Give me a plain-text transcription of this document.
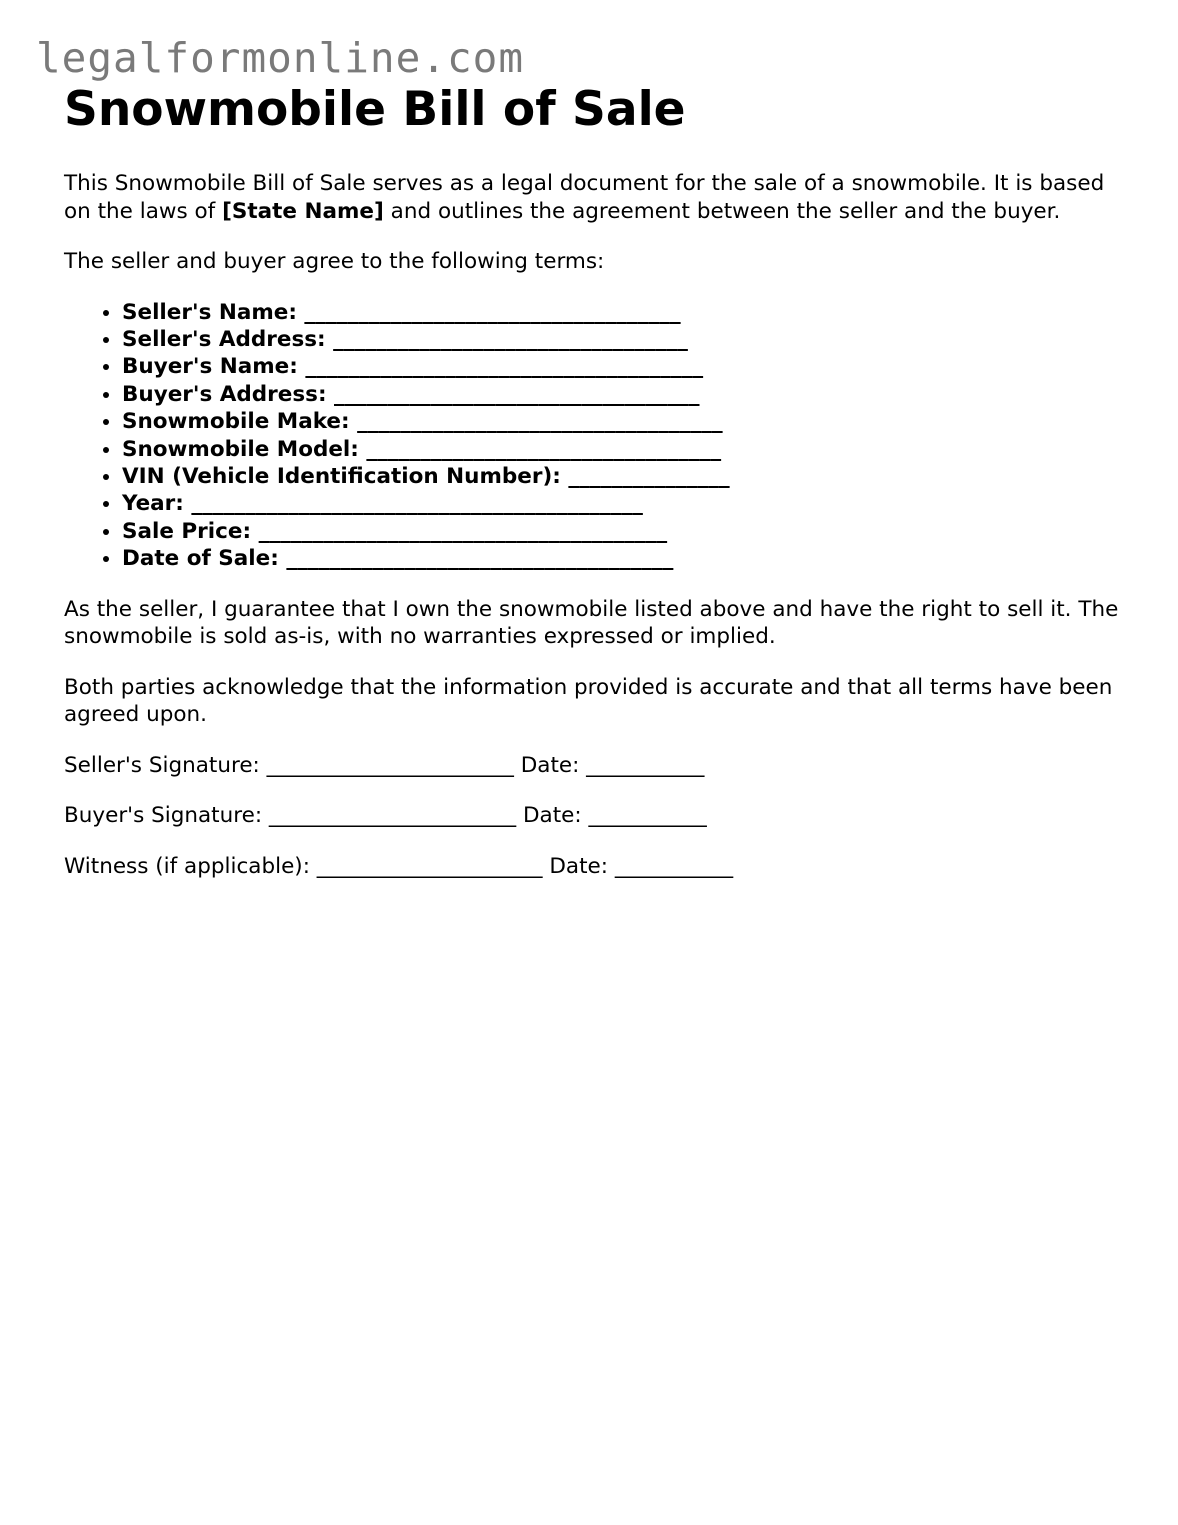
legalformonline.com
Snowmobile Bill of Sale

This Snowmobile Bill of Sale serves as a legal document for the sale of a snowmobile. It is based on the laws of [State Name] and outlines the agreement between the seller and the buyer.

The seller and buyer agree to the following terms:

• Seller's Name: ___________________________________
• Seller's Address: _________________________________
• Buyer's Name: _____________________________________
• Buyer's Address: __________________________________
• Snowmobile Make: __________________________________
• Snowmobile Model: _________________________________
• VIN (Vehicle Identification Number): _______________
• Year: __________________________________________
• Sale Price: ______________________________________
• Date of Sale: ____________________________________

As the seller, I guarantee that I own the snowmobile listed above and have the right to sell it. The snowmobile is sold as-is, with no warranties expressed or implied.

Both parties acknowledge that the information provided is accurate and that all terms have been agreed upon.

Seller's Signature: _______________________ Date: ___________

Buyer's Signature: _______________________ Date: ___________

Witness (if applicable): _____________________ Date: ___________
